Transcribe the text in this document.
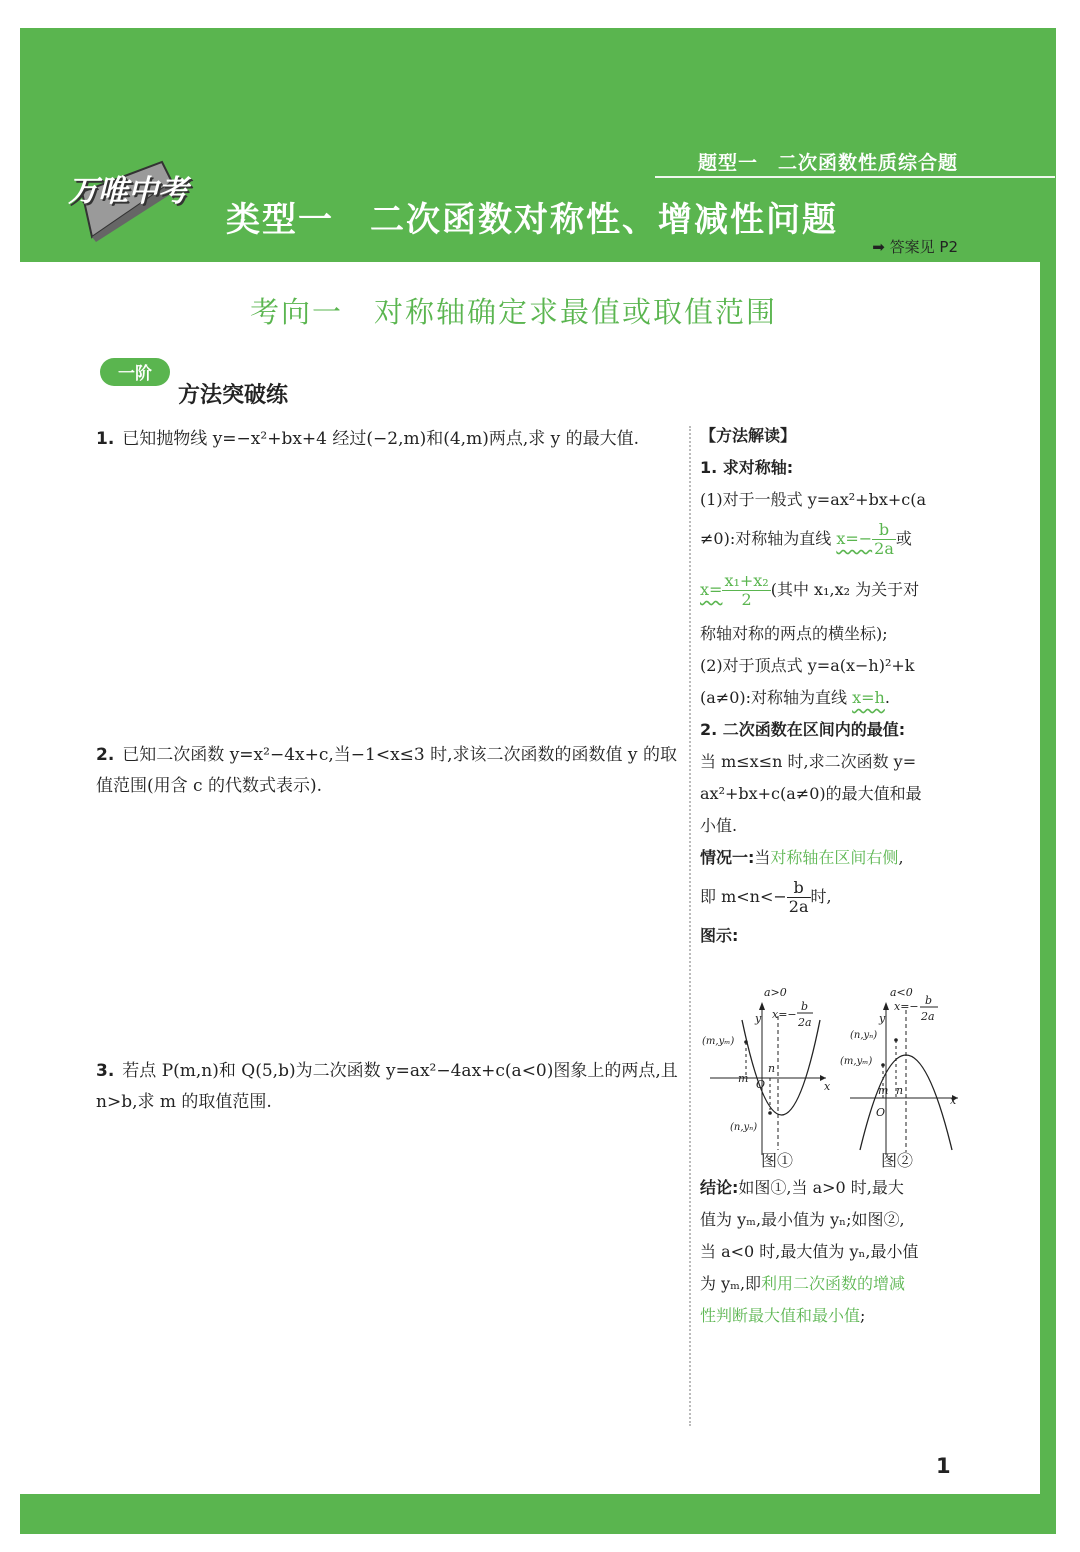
题型一　二次函数性质综合题
万唯中考
类型一　二次函数对称性、增减性问题
➡ 答案见 P2
考向一　对称轴确定求最值或取值范围
一阶
方法突破练
1. 已知抛物线 y=−x²+bx+4 经过(−2,m)和(4,m)两点,求 y 的最大值.
2. 已知二次函数 y=x²−4x+c,当−1<x≤3 时,求该二次函数的函数值 y 的取值范围(用含 c 的代数式表示).
3. 若点 P(m,n)和 Q(5,b)为二次函数 y=ax²−4ax+c(a<0)图象上的两点,且 n>b,求 m 的取值范围.
【方法解读】
1. 求对称轴:
(1)对于一般式 y=ax²+bx+c(a
≠0):对称轴为直线 $x=- \frac{b}{2a}$ 或
$x= \frac{\text{x₁+x₂}}{2}$ (其中 x₁,x₂ 为关于对
称轴对称的两点的横坐标);
(2)对于顶点式 y=a(x−h)²+k
(a≠0):对称轴为直线 x=h.
2. 二次函数在区间内的最值:
当 m≤x≤n 时,求二次函数 y=
ax²+bx+c(a≠0)的最大值和最
小值.
情况一:当对称轴在区间右侧,
即 $m<n<- \frac{b}{2a}$ 时,
图示:
a>0
x
y
O
x=−
b
2a
(m,yₘ)
(n,yₙ)
m
n
a<0
x
y
O
x=− b
2a
(n,yₙ)
(m,yₘ)
m n
图①	图②
结论:如图①,当 a>0 时,最大
值为 yₘ,最小值为 yₙ;如图②,
当 a<0 时,最大值为 yₙ,最小值
为 yₘ,即利用二次函数的增减
性判断最大值和最小值;
1
